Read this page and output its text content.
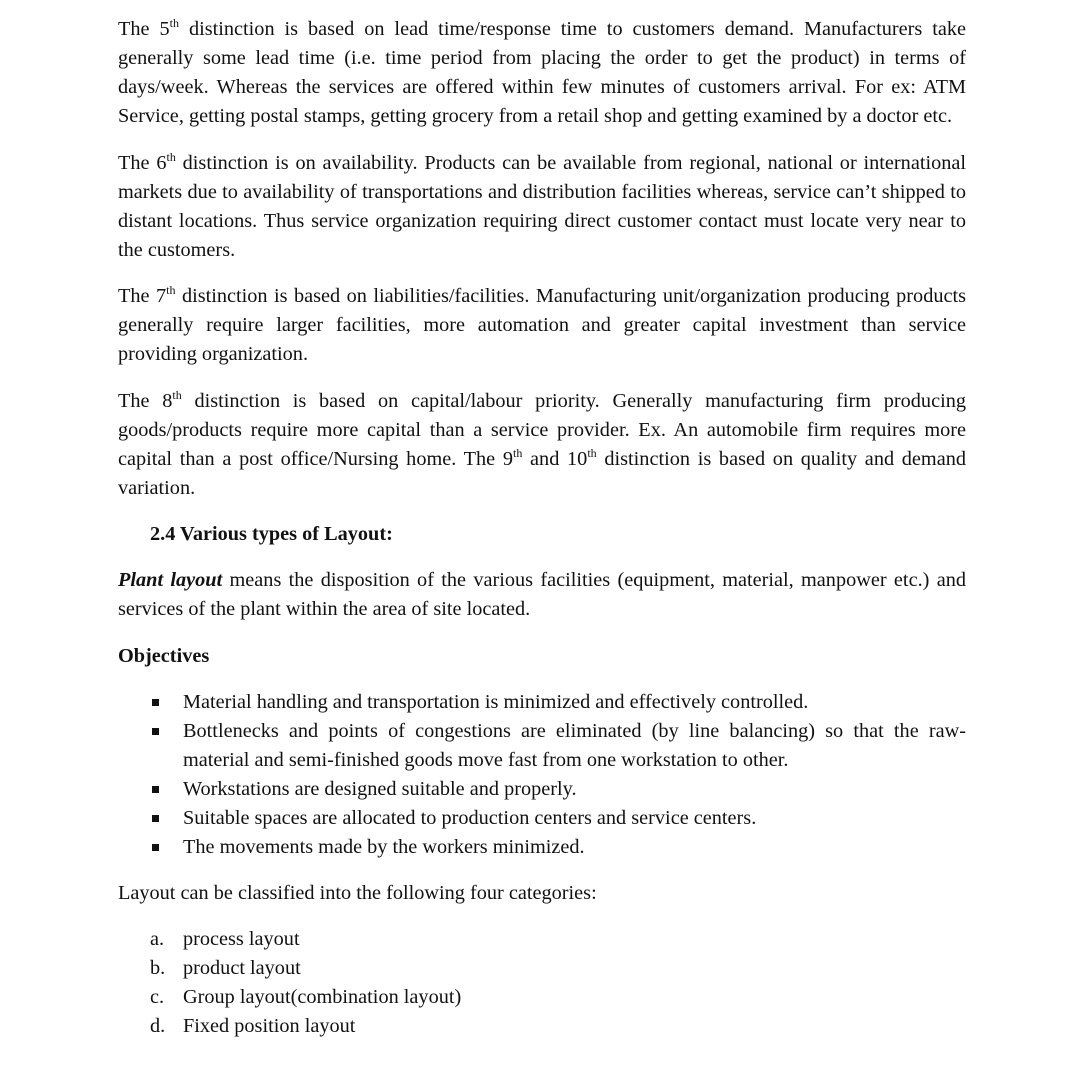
The 5th distinction is based on lead time/response time to customers demand. Manufacturers take generally some lead time (i.e. time period from placing the order to get the product) in terms of days/week. Whereas the services are offered within few minutes of customers arrival. For ex: ATM Service, getting postal stamps, getting grocery from a retail shop and getting examined by a doctor etc.

The 6th distinction is on availability. Products can be available from regional, national or international markets due to availability of transportations and distribution facilities whereas, service can’t shipped to distant locations. Thus service organization requiring direct customer contact must locate very near to the customers.

The 7th distinction is based on liabilities/facilities. Manufacturing unit/organization producing products generally require larger facilities, more automation and greater capital investment than service providing organization.

The 8th distinction is based on capital/labour priority. Generally manufacturing firm producing goods/products require more capital than a service provider. Ex. An automobile firm requires more capital than a post office/Nursing home. The 9th and 10th distinction is based on quality and demand variation.

2.4 Various types of Layout:

Plant layout means the disposition of the various facilities (equipment, material, manpower etc.) and services of the plant within the area of site located.

Objectives

Material handling and transportation is minimized and effectively controlled.
Bottlenecks and points of congestions are eliminated (by line balancing) so that the raw-material and semi-finished goods move fast from one workstation to other.
Workstations are designed suitable and properly.
Suitable spaces are allocated to production centers and service centers.
The movements made by the workers minimized.

Layout can be classified into the following four categories:

a. process layout
b. product layout
c. Group layout(combination layout)
d. Fixed position layout
